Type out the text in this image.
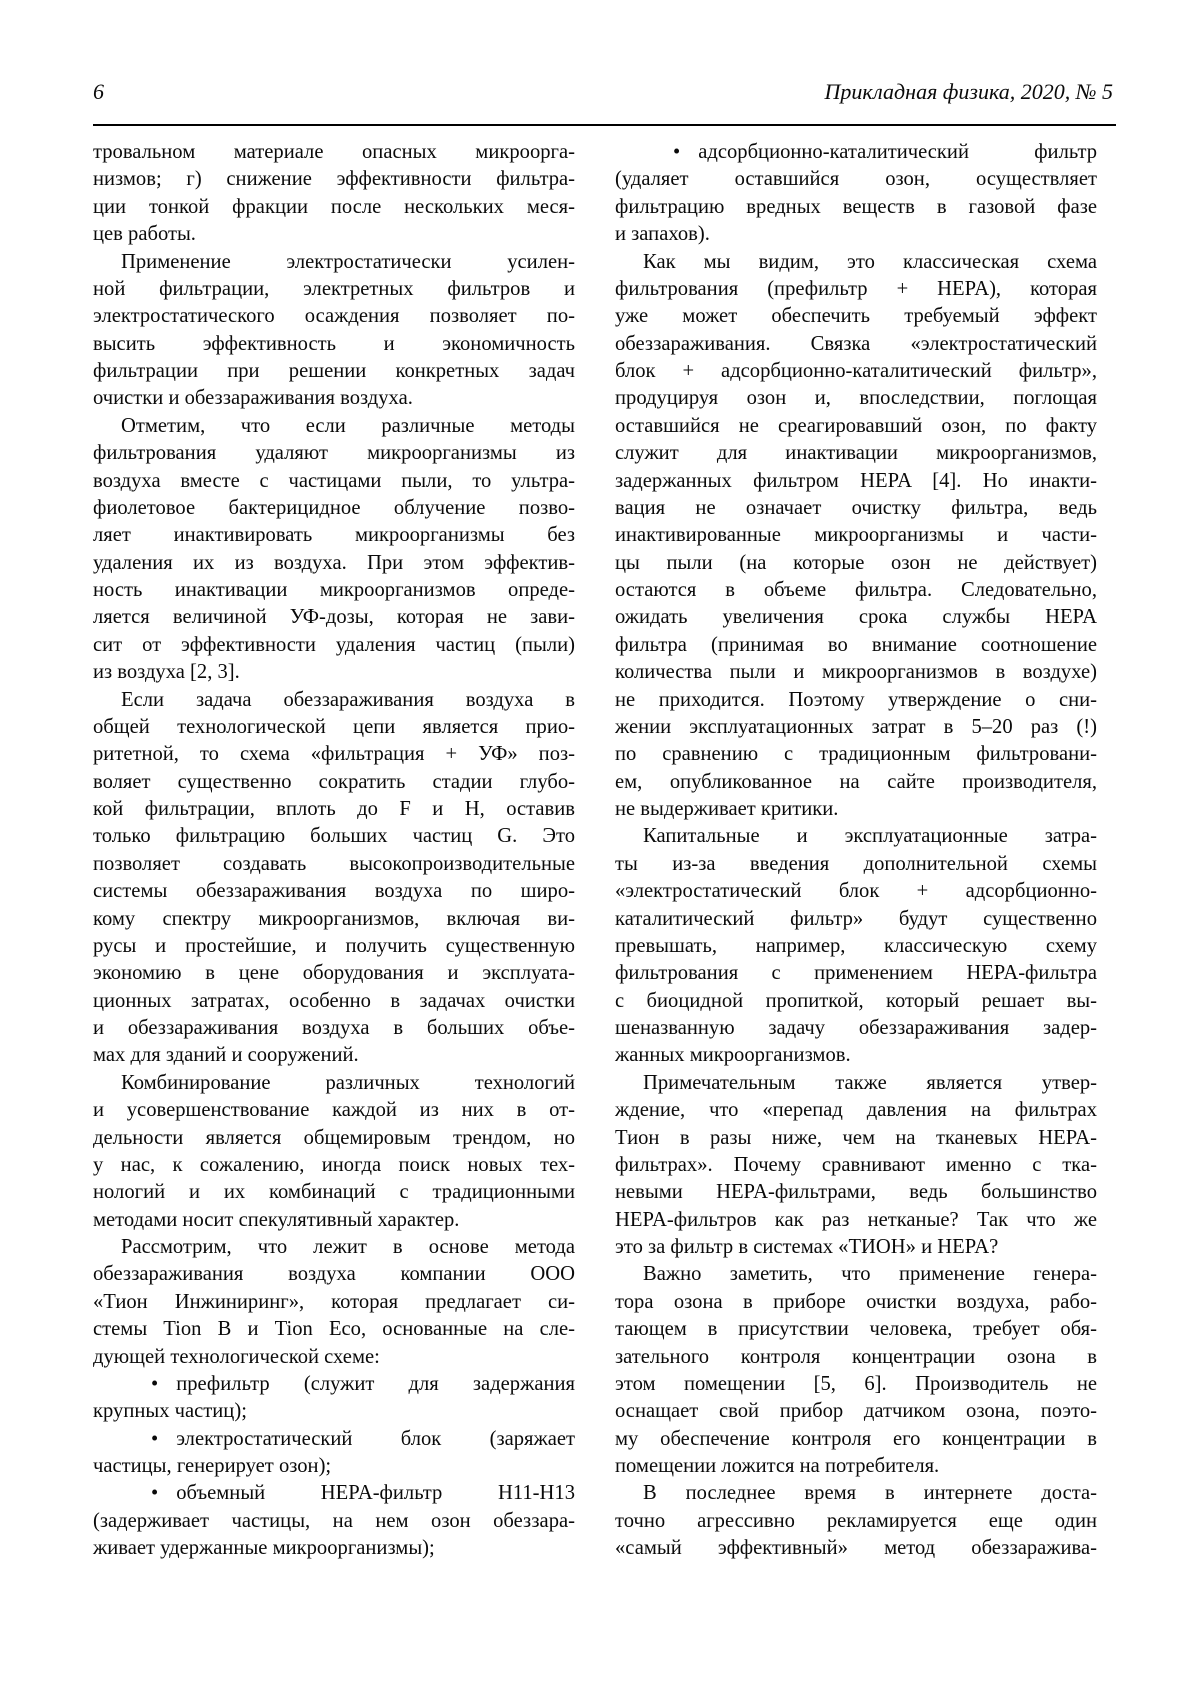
6	Прикладная физика, 2020, № 5
тровальном материале опасных микроорга-
низмов; г) снижение эффективности фильтра-
ции тонкой фракции после нескольких меся-
цев работы.
Применение электростатически усилен-
ной фильтрации, электретных фильтров и
электростатического осаждения позволяет по-
высить эффективность и экономичность
фильтрации при решении конкретных задач
очистки и обеззараживания воздуха.
Отметим, что если различные методы
фильтрования удаляют микроорганизмы из
воздуха вместе с частицами пыли, то ультра-
фиолетовое бактерицидное облучение позво-
ляет инактивировать микроорганизмы без
удаления их из воздуха. При этом эффектив-
ность инактивации микроорганизмов опреде-
ляется величиной УФ-дозы, которая не зави-
сит от эффективности удаления частиц (пыли)
из воздуха [2, 3].
Если задача обеззараживания воздуха в
общей технологической цепи является прио-
ритетной, то схема «фильтрация + УФ» поз-
воляет существенно сократить стадии глубо-
кой фильтрации, вплоть до F и H, оставив
только фильтрацию больших частиц G. Это
позволяет создавать высокопроизводительные
системы обеззараживания воздуха по широ-
кому спектру микроорганизмов, включая ви-
русы и простейшие, и получить существенную
экономию в цене оборудования и эксплуата-
ционных затратах, особенно в задачах очистки
и обеззараживания воздуха в больших объе-
мах для зданий и сооружений.
Комбинирование различных технологий
и усовершенствование каждой из них в от-
дельности является общемировым трендом, но
у нас, к сожалению, иногда поиск новых тех-
нологий и их комбинаций с традиционными
методами носит спекулятивный характер.
Рассмотрим, что лежит в основе метода
обеззараживания воздуха компании ООО
«Тион Инжиниринг», которая предлагает си-
стемы Tion B и Tion Eco, основанные на сле-
дующей технологической схеме:
• префильтр (служит для задержания
крупных частиц);
• электростатический блок (заряжает
частицы, генерирует озон);
• объемный HEPA-фильтр H11-H13
(задерживает частицы, на нем озон обеззара-
живает удержанные микроорганизмы);
• адсорбционно-каталитический фильтр
(удаляет оставшийся озон, осуществляет
фильтрацию вредных веществ в газовой фазе
и запахов).
Как мы видим, это классическая схема
фильтрования (префильтр + HEPA), которая
уже может обеспечить требуемый эффект
обеззараживания. Связка «электростатический
блок + адсорбционно-каталитический фильтр»,
продуцируя озон и, впоследствии, поглощая
оставшийся не среагировавший озон, по факту
служит для инактивации микроорганизмов,
задержанных фильтром HEPA [4]. Но инакти-
вация не означает очистку фильтра, ведь
инактивированные микроорганизмы и части-
цы пыли (на которые озон не действует)
остаются в объеме фильтра. Следовательно,
ожидать увеличения срока службы HEPA
фильтра (принимая во внимание соотношение
количества пыли и микроорганизмов в воздухе)
не приходится. Поэтому утверждение о сни-
жении эксплуатационных затрат в 5–20 раз (!)
по сравнению с традиционным фильтровани-
ем, опубликованное на сайте производителя,
не выдерживает критики.
Капитальные и эксплуатационные затра-
ты из-за введения дополнительной схемы
«электростатический блок + адсорбционно-
каталитический фильтр» будут существенно
превышать, например, классическую схему
фильтрования с применением HEPA-фильтра
с биоцидной пропиткой, который решает вы-
шеназванную задачу обеззараживания задер-
жанных микроорганизмов.
Примечательным также является утвер-
ждение, что «перепад давления на фильтрах
Тион в разы ниже, чем на тканевых HEPA-
фильтрах». Почему сравнивают именно с тка-
невыми HEPA-фильтрами, ведь большинство
HEPA-фильтров как раз нетканые? Так что же
это за фильтр в системах «ТИОН» и HEPA?
Важно заметить, что применение генера-
тора озона в приборе очистки воздуха, рабо-
тающем в присутствии человека, требует обя-
зательного контроля концентрации озона в
этом помещении [5, 6]. Производитель не
оснащает свой прибор датчиком озона, поэто-
му обеспечение контроля его концентрации в
помещении ложится на потребителя.
В последнее время в интернете доста-
точно агрессивно рекламируется еще один
«самый эффективный» метод обеззаражива-
